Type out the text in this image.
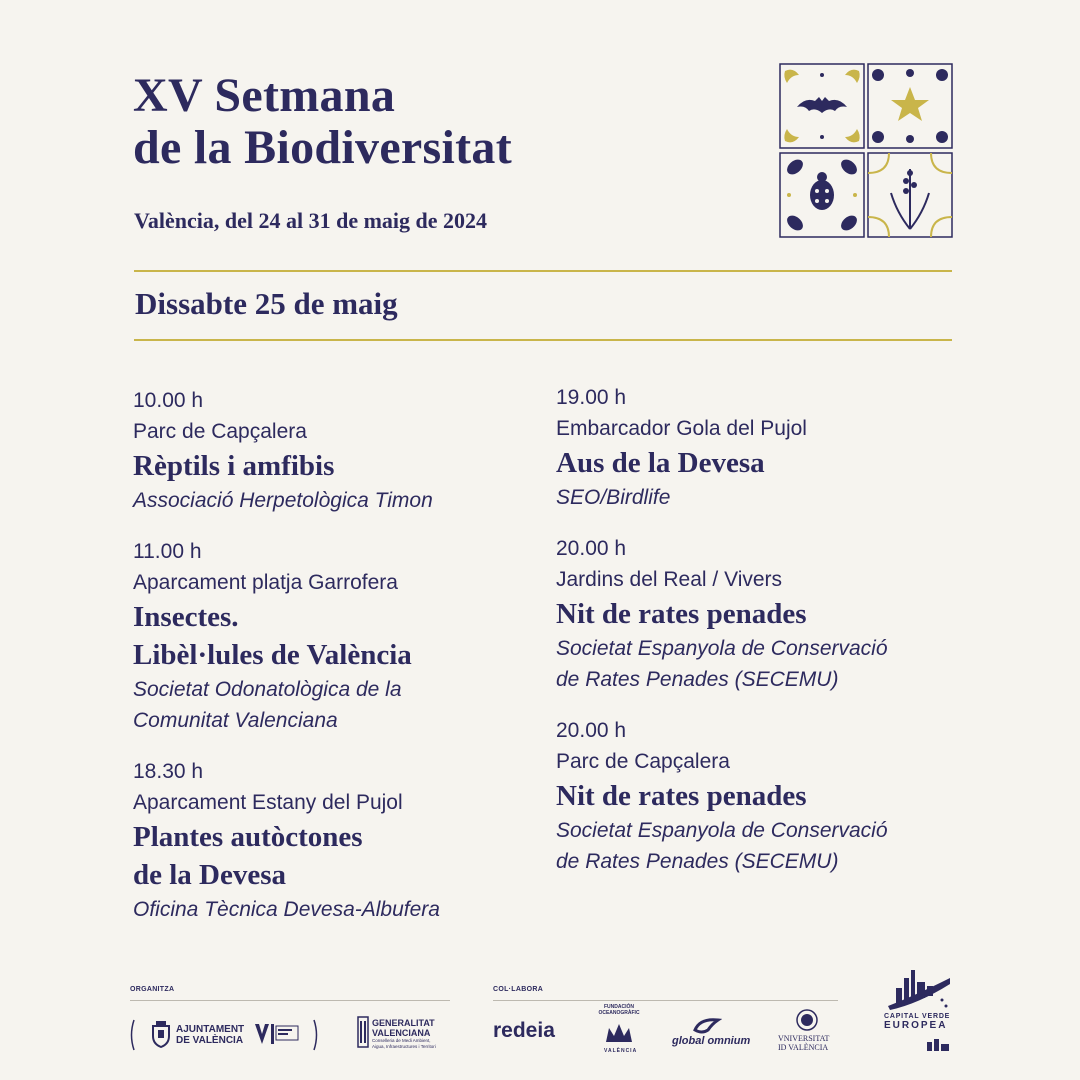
XV Setmana
de la Biodiversitat
València, del 24 al 31 de maig de 2024
Dissabte 25 de maig
10.00 h
Parc de Capçalera
Rèptils i amfibis
Associació Herpetològica Timon
11.00 h
Aparcament platja Garrofera
Insectes.
Libèl·lules de València
Societat Odonatològica de la
Comunitat Valenciana
18.30 h
Aparcament Estany del Pujol
Plantes autòctones
de la Devesa
Oficina Tècnica Devesa-Albufera
19.00 h
Embarcador Gola del Pujol
Aus de la Devesa
SEO/Birdlife
20.00 h
Jardins del Real / Vivers
Nit de rates penades
Societat Espanyola de Conservació
de Rates Penades (SECEMU)
20.00 h
Parc de Capçalera
Nit de rates penades
Societat Espanyola de Conservació
de Rates Penades (SECEMU)
ORGANITZA	COL·LABORA
AJUNTAMENT
DE VALÈNCIA
GENERALITAT
VALENCIANA
Conselleria de Medi Ambient,
Aigua, Infraestructures i Territori
redeia
FUNDACIÓN
OCEANOGRÀFIC
VALÈNCIA
global omnium	VNIVERSITAT
ID VALÈNCIA
CAPITAL VERDE
EUROPEA
